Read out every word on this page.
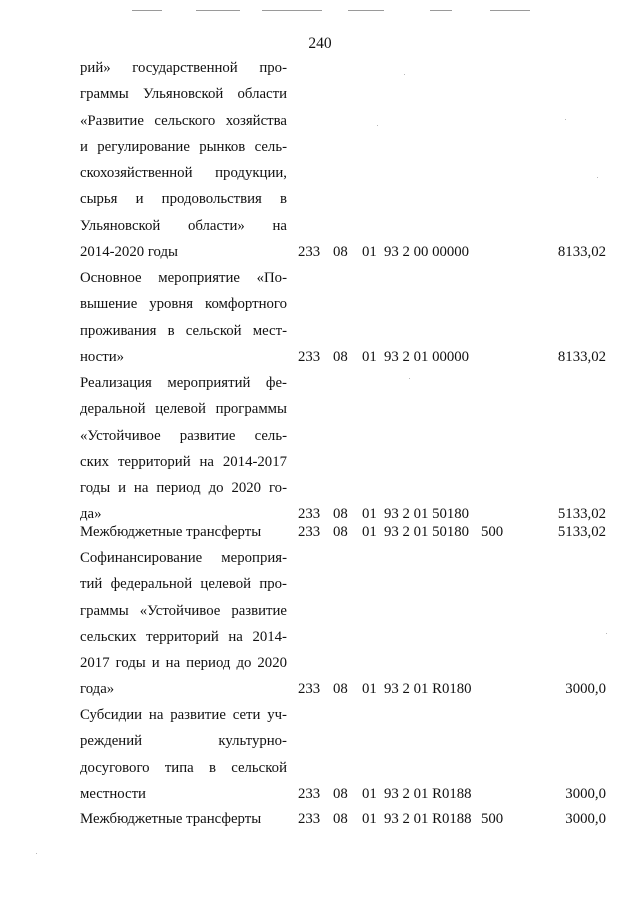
240
рий» государственной про-
граммы Ульяновской области
«Развитие сельского хозяйства
и регулирование рынков сель-
скохозяйственной продукции,
сырья и продовольствия в
Ульяновской области» на
2014-2020 годы	233 08 01 93 2 00 00000	8133,02
Основное мероприятие «По-
вышение уровня комфортного
проживания в сельской мест-
ности»	233 08 01 93 2 01 00000	8133,02
Реализация мероприятий фе-
деральной целевой программы
«Устойчивое развитие сель-
ских территорий на 2014-2017
годы и на период до 2020 го-
да»	233 08 01 93 2 01 50180	5133,02
Межбюджетные трансферты	233 08 01 93 2 01 50180 500	5133,02
Софинансирование мероприя-
тий федеральной целевой про-
граммы «Устойчивое развитие
сельских территорий на 2014-
2017 годы и на период до 2020
года»	233 08 01 93 2 01 R0180	3000,0
Субсидии на развитие сети уч-
реждений культурно-
досугового типа в сельской
местности	233 08 01 93 2 01 R0188	3000,0
Межбюджетные трансферты	233 08 01 93 2 01 R0188 500	3000,0
